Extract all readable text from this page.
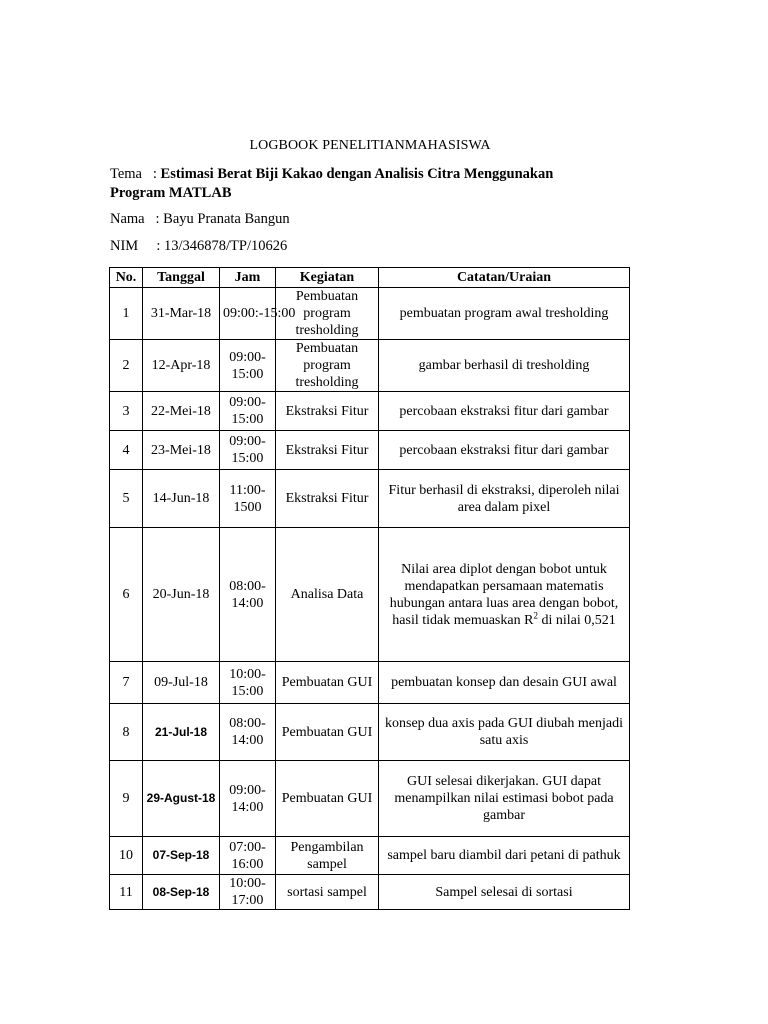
LOGBOOK PENELITIANMAHASISWA
Tema   : Estimasi Berat Biji Kakao dengan Analisis Citra Menggunakan Program MATLAB
Nama   : Bayu Pranata Bangun
NIM     : 13/346878/TP/10626
No.	Tanggal	Jam	Kegiatan	Catatan/Uraian
1	31-Mar-18	09:00:-15:00	Pembuatan program tresholding	pembuatan program awal tresholding
2	12-Apr-18	09:00-15:00	Pembuatan program tresholding	gambar berhasil di tresholding
3	22-Mei-18	09:00-15:00	Ekstraksi Fitur	percobaan ekstraksi fitur dari gambar
4	23-Mei-18	09:00-15:00	Ekstraksi Fitur	percobaan ekstraksi fitur dari gambar
5	14-Jun-18	11:00-1500	Ekstraksi Fitur	Fitur berhasil di ekstraksi, diperoleh nilai area dalam pixel
6	20-Jun-18	08:00-14:00	Analisa Data	Nilai area diplot dengan bobot untuk mendapatkan persamaan matematis hubungan antara luas area dengan bobot, hasil tidak memuaskan $R^2$ di nilai 0,521
7	09-Jul-18	10:00-15:00	Pembuatan GUI	pembuatan konsep dan desain GUI awal
8	21-Jul-18	08:00-14:00	Pembuatan GUI	konsep dua axis pada GUI diubah menjadi satu axis
9	29-Agust-18	09:00-14:00	Pembuatan GUI	GUI selesai dikerjakan. GUI dapat menampilkan nilai estimasi bobot pada gambar
10	07-Sep-18	07:00-16:00	Pengambilan sampel	sampel baru diambil dari petani di pathuk
11	08-Sep-18	10:00-17:00	sortasi sampel	Sampel selesai di sortasi
